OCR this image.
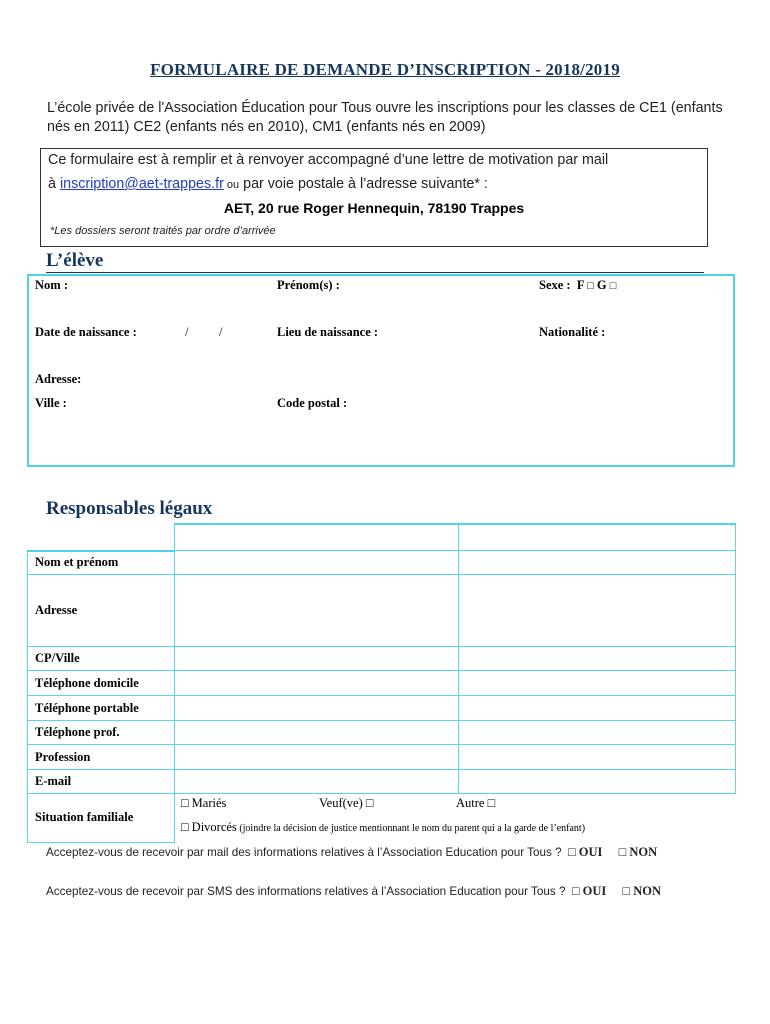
FORMULAIRE DE DEMANDE D’INSCRIPTION - 2018/2019
L’école privée de l'Association Éducation pour Tous ouvre les inscriptions pour les classes de CE1 (enfants nés en 2011) CE2 (enfants nés en 2010), CM1 (enfants nés en 2009)
Ce formulaire est à remplir et à renvoyer accompagné d’une lettre de motivation par mail
à inscription@aet-trappes.fr ou par voie postale à l’adresse suivante* :
AET, 20 rue Roger Hennequin, 78190 Trappes
*Les dossiers seront traités par ordre d’arrivée
L’élève
Nom :	Prénom(s) :	Sexe : F □ G □
Date de naissance :	/ /	Lieu de naissance :	Nationalité :
Adresse:
Ville :	Code postal :
Responsables légaux
	Père	Mère
Nom et prénom		
Adresse		
CP/Ville		
Téléphone domicile		
Téléphone portable		
Téléphone prof.		
Profession		
E-mail		
Situation familiale	□ Mariés Veuf(ve) □ Autre □
□ Divorcés (joindre la décision de justice mentionnant le nom du parent qui a la garde de l’enfant)	
Acceptez-vous de recevoir par mail des informations relatives à l’Association Education pour Tous ? □ OUI □ NON
Acceptez-vous de recevoir par SMS des informations relatives à l’Association Education pour Tous ? □ OUI □ NON
